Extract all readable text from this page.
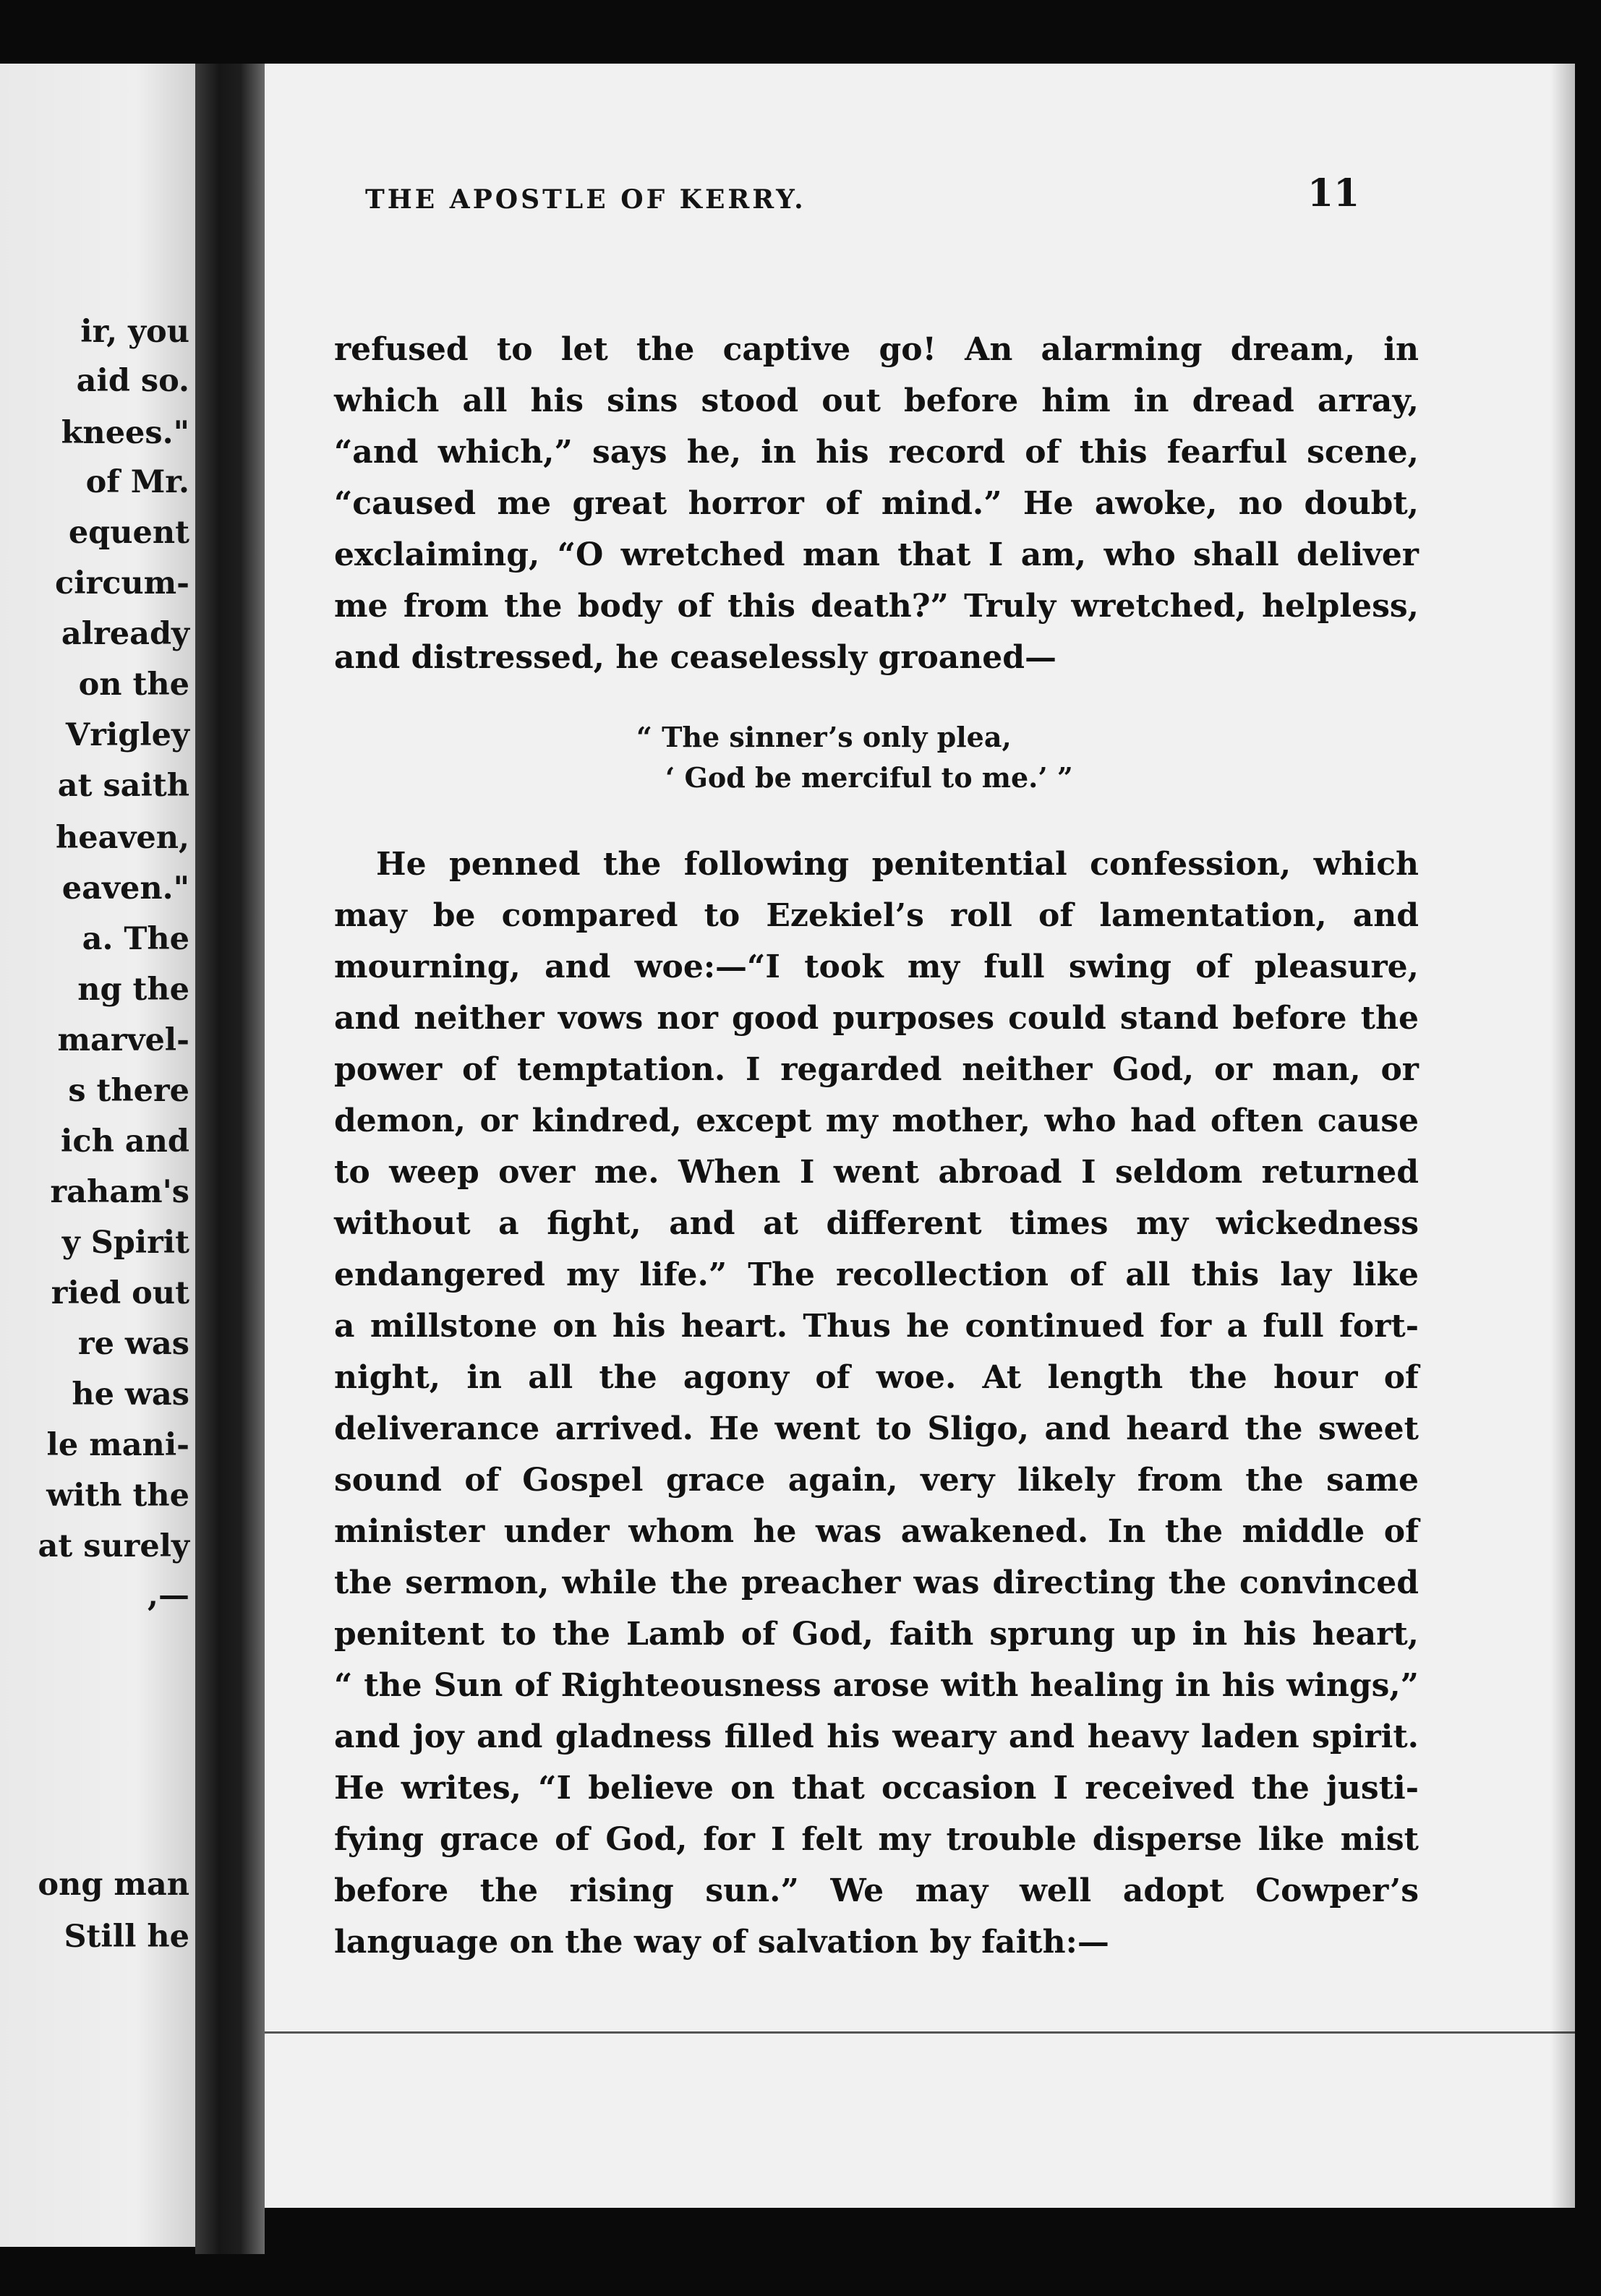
ir, you
aid so.
knees."
of Mr.
equent
circum-
already
on the
Vrigley
at saith
heaven,
eaven."
a. The
ng the
marvel-
s there
ich and
raham's
y Spirit
ried out
re was
he was
le mani-
with the
at surely
,—
ong man
Still he
THE APOSTLE OF KERRY.	11
refused to let the captive go! An alarming dream, in
which all his sins stood out before him in dread array,
“and which,” says he, in his record of this fearful scene,
“caused me great horror of mind.” He awoke, no doubt,
exclaiming, “O wretched man that I am, who shall deliver
me from the body of this death?” Truly wretched, helpless,
and distressed, he ceaselessly groaned—
“ The sinner’s only plea,
‘ God be merciful to me.’ ”
He penned the following penitential confession, which
may be compared to Ezekiel’s roll of lamentation, and
mourning, and woe:—“I took my full swing of pleasure,
and neither vows nor good purposes could stand before the
power of temptation. I regarded neither God, or man, or
demon, or kindred, except my mother, who had often cause
to weep over me. When I went abroad I seldom returned
without a fight, and at different times my wickedness
endangered my life.” The recollection of all this lay like
a millstone on his heart. Thus he continued for a full fort-
night, in all the agony of woe. At length the hour of
deliverance arrived. He went to Sligo, and heard the sweet
sound of Gospel grace again, very likely from the same
minister under whom he was awakened. In the middle of
the sermon, while the preacher was directing the convinced
penitent to the Lamb of God, faith sprung up in his heart,
“ the Sun of Righteousness arose with healing in his wings,”
and joy and gladness filled his weary and heavy laden spirit.
He writes, “I believe on that occasion I received the justi-
fying grace of God, for I felt my trouble disperse like mist
before the rising sun.” We may well adopt Cowper’s
language on the way of salvation by faith:—
